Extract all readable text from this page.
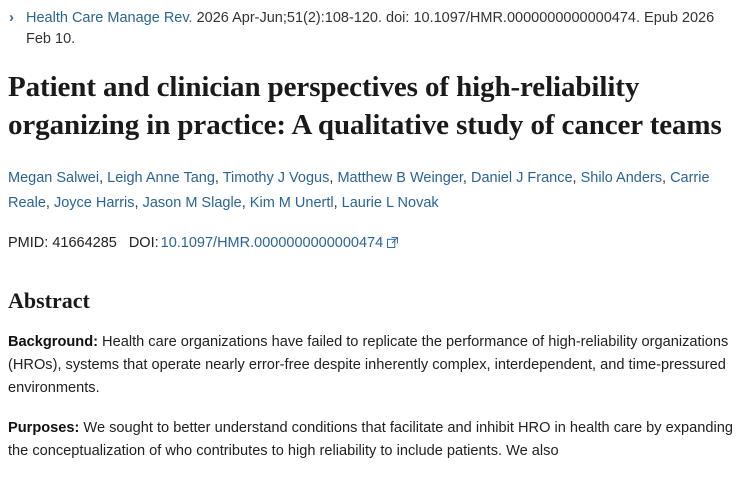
› Health Care Manage Rev. 2026 Apr-Jun;51(2):108-120. doi: 10.1097/HMR.0000000000000474. Epub 2026 Feb 10.
Patient and clinician perspectives of high-reliability organizing in practice: A qualitative study of cancer teams
Megan Salwei, Leigh Anne Tang, Timothy J Vogus, Matthew B Weinger, Daniel J France, Shilo Anders, Carrie Reale, Joyce Harris, Jason M Slagle, Kim M Unertl, Laurie L Novak
PMID: 41664285 DOI: 10.1097/HMR.0000000000000474
Abstract

Background: Health care organizations have failed to replicate the performance of high-reliability organizations (HROs), systems that operate nearly error-free despite inherently complex, interdependent, and time-pressured environments.

Purposes: We sought to better understand conditions that facilitate and inhibit HRO in health care by expanding the conceptualization of who contributes to high reliability to include patients. We also
